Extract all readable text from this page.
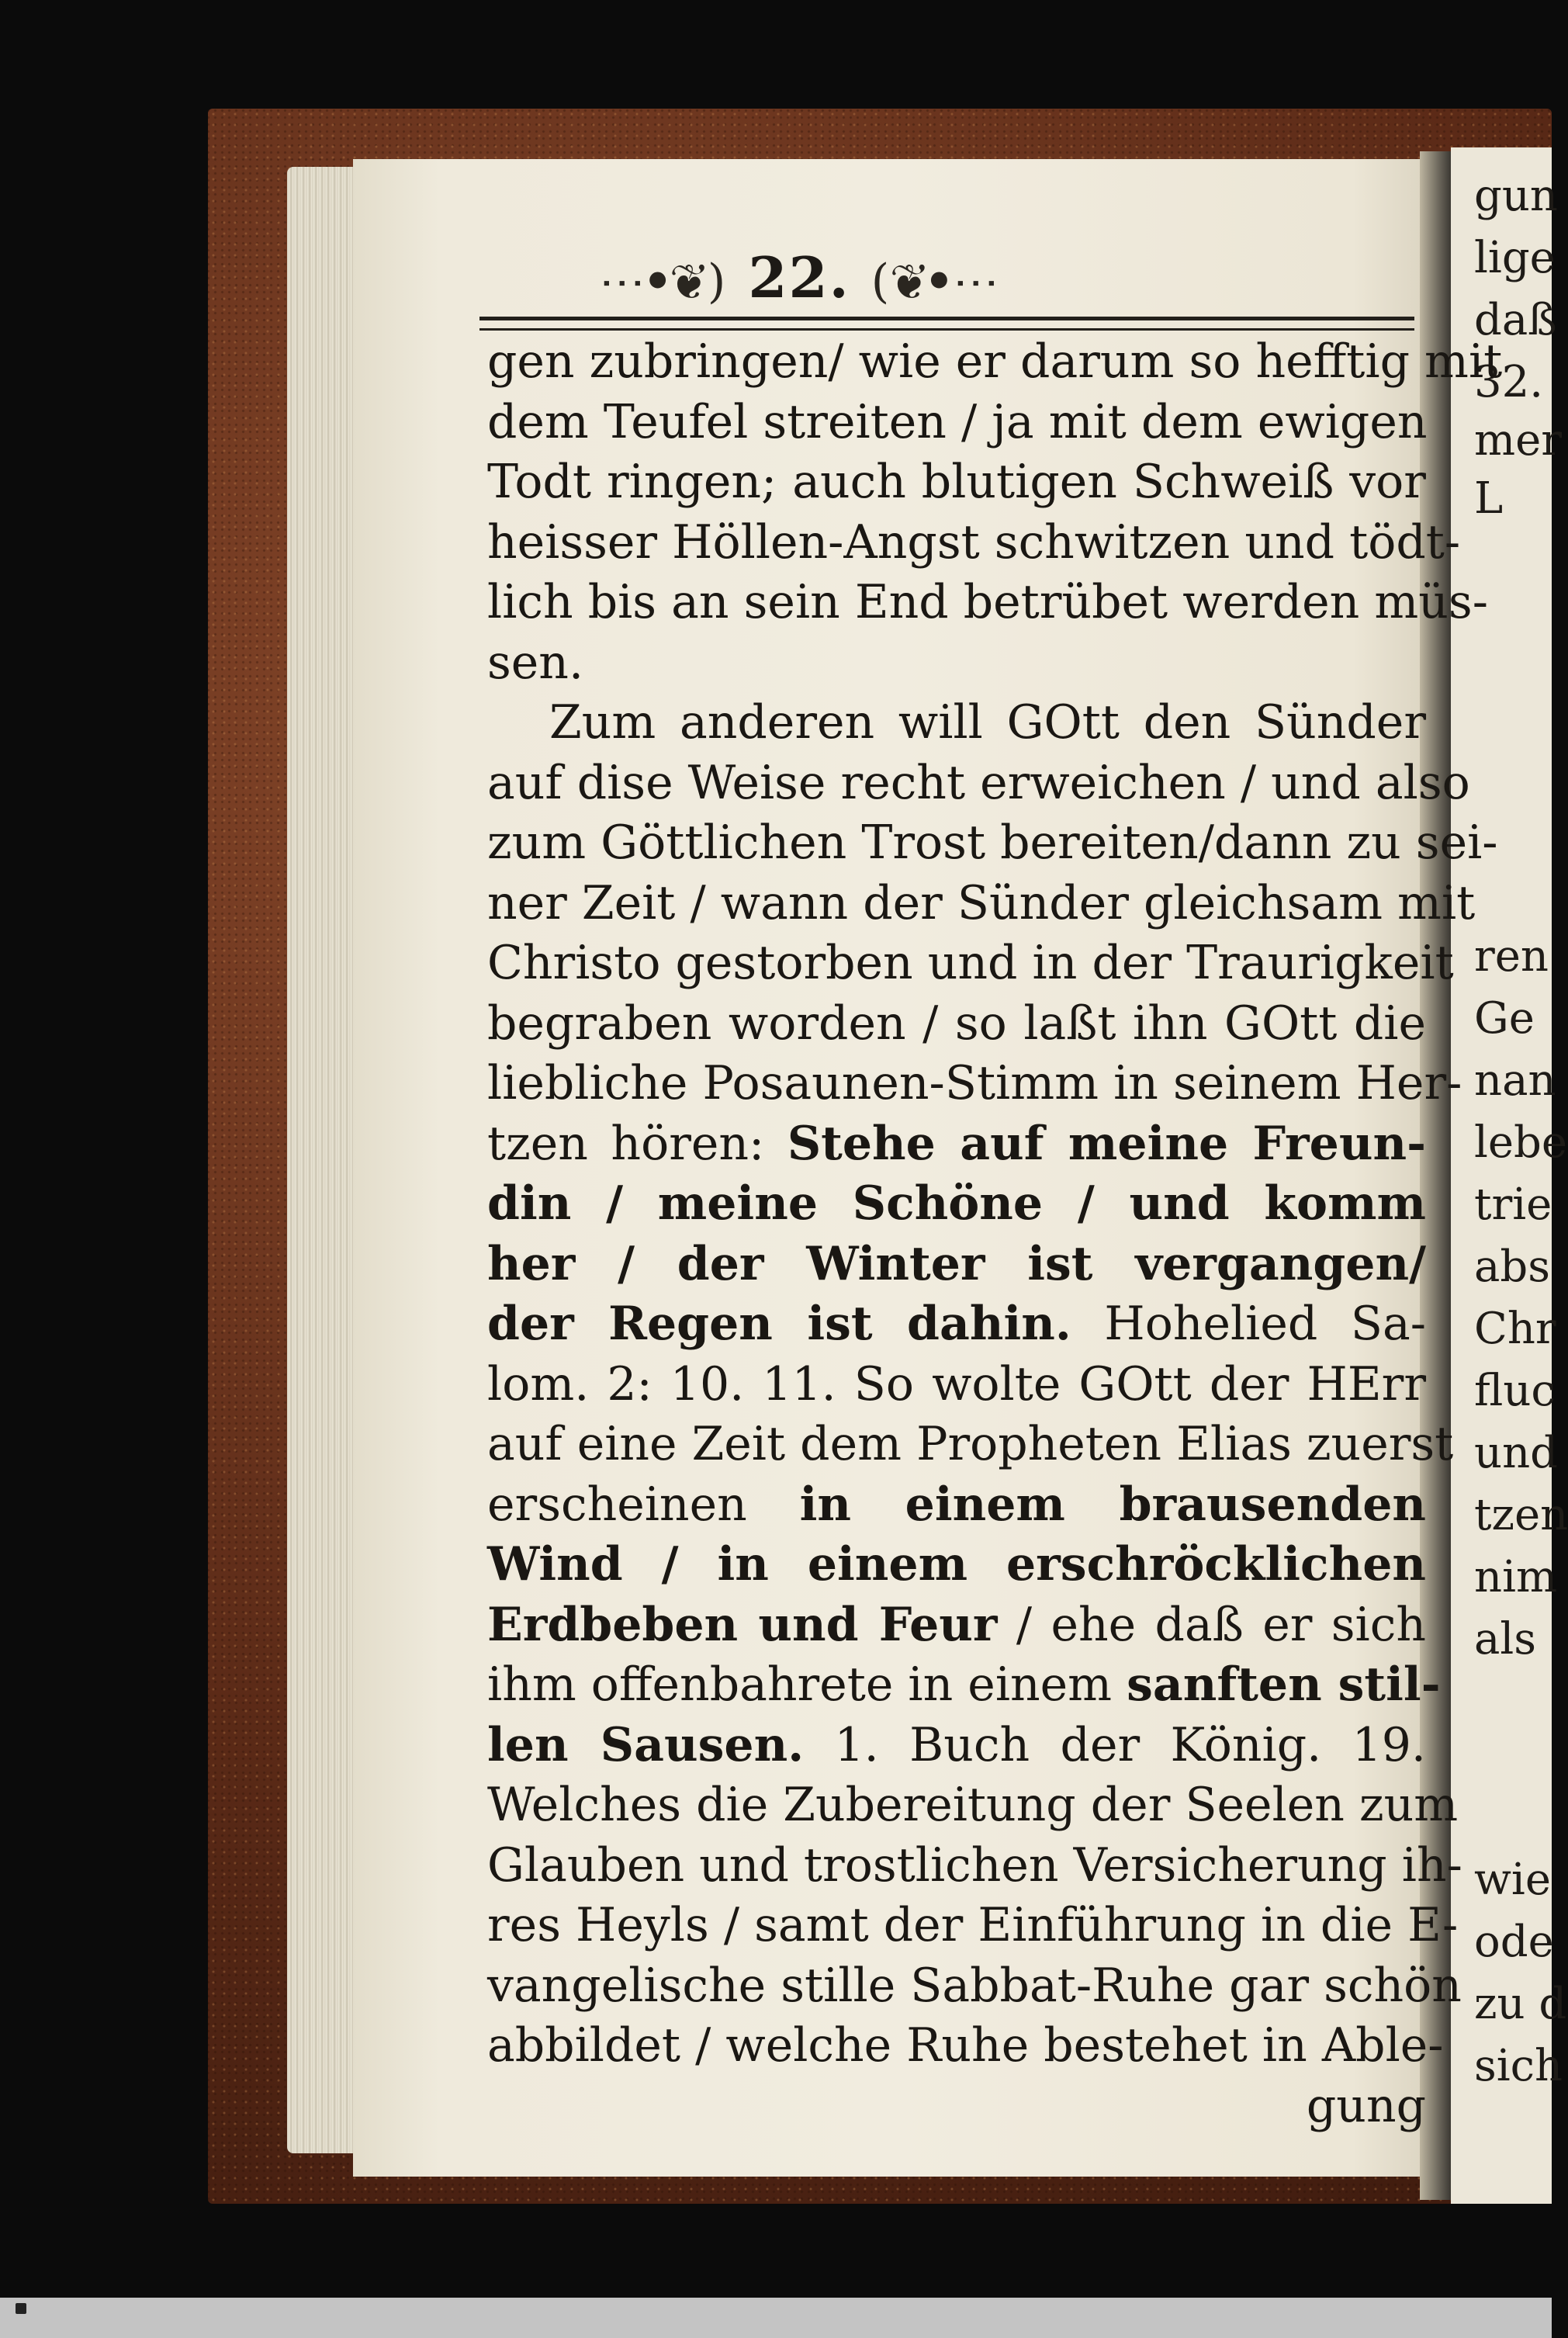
gun
lige
daß
32.
mer
L
ren
Ge
nan
lebe
trie
abs
Chr
fluc
und
tzen
nim
als
wie
ode
zu d
sich
⋯ꔷ❦) 22. (❦ꔷ⋯
gen zubringen/ wie er darum so hefftig mit
dem Teufel streiten / ja mit dem ewigen
Todt ringen; auch blutigen Schweiß vor
heisser Höllen-Angst schwitzen und tödt-
lich bis an sein End betrübet werden müs-
sen.
Zum anderen will GOtt den Sünder
auf dise Weise recht erweichen / und also
zum Göttlichen Trost bereiten/dann zu sei-
ner Zeit / wann der Sünder gleichsam mit
Christo gestorben und in der Traurigkeit
begraben worden / so laßt ihn GOtt die
liebliche Posaunen-Stimm in seinem Her-
tzen hören: Stehe auf meine Freun-
din / meine Schöne / und komm
her / der Winter ist vergangen/
der Regen ist dahin. Hohelied Sa-
lom. 2: 10. 11. So wolte GOtt der HErr
auf eine Zeit dem Propheten Elias zuerst
erscheinen in einem brausenden
Wind / in einem erschröcklichen
Erdbeben und Feur / ehe daß er sich
ihm offenbahrete in einem sanften stil-
len Sausen. 1. Buch der König. 19.
Welches die Zubereitung der Seelen zum
Glauben und trostlichen Versicherung ih-
res Heyls / samt der Einführung in die E-
vangelische stille Sabbat-Ruhe gar schön
abbildet / welche Ruhe bestehet in Able-
gung
